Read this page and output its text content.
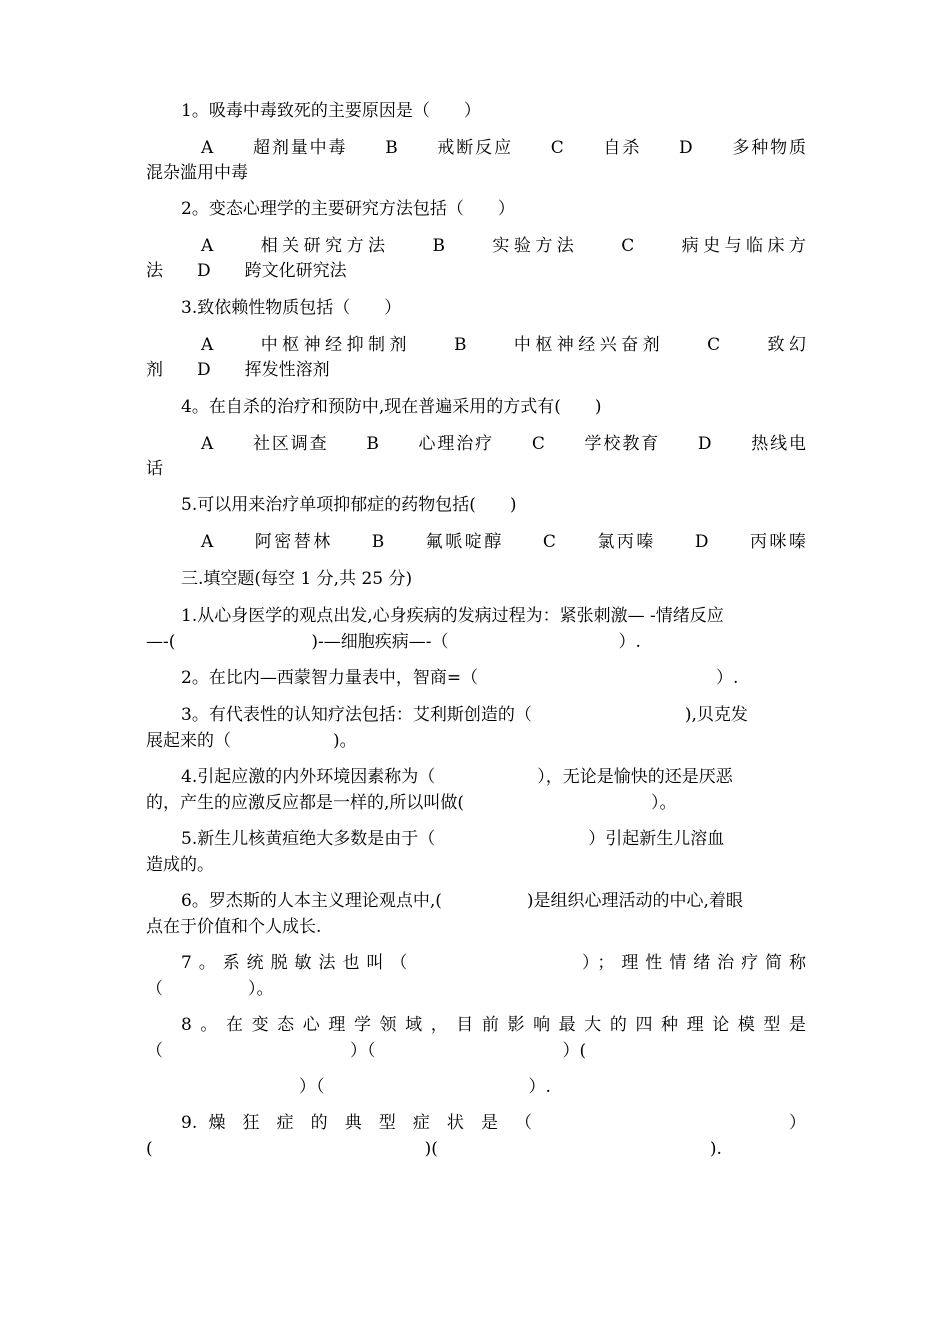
1。吸毒中毒致死的主要原因是（　　）
A　　超剂量中毒　　B　　戒断反应　　C　　自杀　　D　　多种物质
混杂滥用中毒
2。变态心理学的主要研究方法包括（　　）
A　　相关研究方法　　B　　实验方法　　C　　病史与临床方
法　　D　　跨文化研究法
3.致依赖性物质包括（　　）
A　　中枢神经抑制剂　　B　　中枢神经兴奋剂　　C　　致幻
剂　　D　　挥发性溶剂
4。在自杀的治疗和预防中,现在普遍采用的方式有(　　)
A　　社区调查　　B　　心理治疗　　C　　学校教育　　D　　热线电
话
5.可以用来治疗单项抑郁症的药物包括(　　)
A　　阿密替林　　B　　氟哌啶醇　　C　　氯丙嗪　　D　　丙咪嗪
三.填空题(每空 1 分,共 25 分)
1.从心身医学的观点出发,心身疾病的发病过程为：紧张刺激— -情绪反应
—-(　　　　　　　　)-—细胞疾病—-（　　　　　　　　　　）.
2。在比内—西蒙智力量表中，智商=（　　　　　　　　　　　　　　）.
3。有代表性的认知疗法包括：艾利斯创造的（　　　　　　　　　),贝克发
展起来的（　　　　　　)。
4.引起应激的内外环境因素称为（　　　　　　），无论是愉快的还是厌恶
的，产生的应激反应都是一样的,所以叫做(　　　　　　　　　　　）。
5.新生儿核黄疸绝大多数是由于（　　　　　　　　　）引起新生儿溶血
造成的。
6。罗杰斯的人本主义理论观点中,(　　　　　)是组织心理活动的中心,着眼
点在于价值和个人成长.
7。系统脱敏法也叫（　　　　　　　）；理性情绪治疗简称
（　　　　　）。
8。在变态心理学领域，目前影响最大的四种理论模型是
（　　　　　　　　　　　）（　　　　　　　　　　　）(
　　　　　　　　　）（　　　　　　　　　　　　）.
9. 燥 狂 症 的 典 型 症 状 是 （　　　　　　　　　　　）
(　　　　　　　　　　　　　　　　)(　　　　　　　　　　　　　　　　).
